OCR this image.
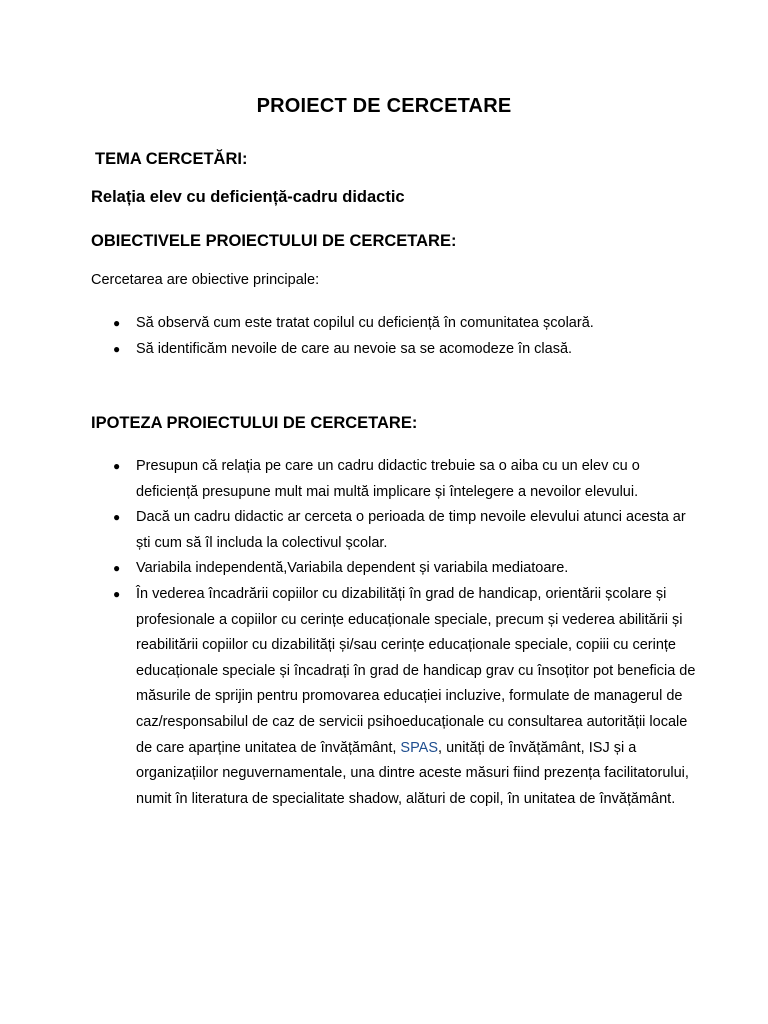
PROIECT DE CERCETARE
TEMA CERCETĂRI:
Relația elev cu deficiență-cadru didactic
OBIECTIVELE PROIECTULUI DE CERCETARE:
Cercetarea are obiective principale:
● Să observă cum este tratat copilul cu deficiență în comunitatea școlară.
● Să identificăm nevoile de care au nevoie sa se acomodeze în clasă.
IPOTEZA PROIECTULUI DE CERCETARE:
● Presupun că relația pe care un cadru didactic trebuie sa o aiba cu un elev cu o deficiență presupune mult mai multă implicare și întelegere a nevoilor elevului.
● Dacă un cadru didactic ar cerceta o perioada de timp nevoile elevului atunci acesta ar ști cum să îl includa la colectivul școlar.
● Variabila independentă,Variabila dependent și variabila mediatoare.
● În vederea încadrării copiilor cu dizabilități în grad de handicap, orientării școlare și profesionale a copiilor cu cerințe educaționale speciale, precum și vederea abilitării și reabilitării copiilor cu dizabilități și/sau cerințe educaționale speciale, copiii cu cerințe educaționale speciale și încadrați în grad de handicap grav cu însoțitor pot beneficia de măsurile de sprijin pentru promovarea educației incluzive, formulate de managerul de caz/responsabilul de caz de servicii psihoeducaționale cu consultarea autorității locale de care aparține unitatea de învățământ, SPAS, unități de învățământ, ISJ și a organizațiilor neguvernamentale, una dintre aceste măsuri fiind prezența facilitatorului, numit în literatura de specialitate shadow, alături de copil, în unitatea de învățământ.
